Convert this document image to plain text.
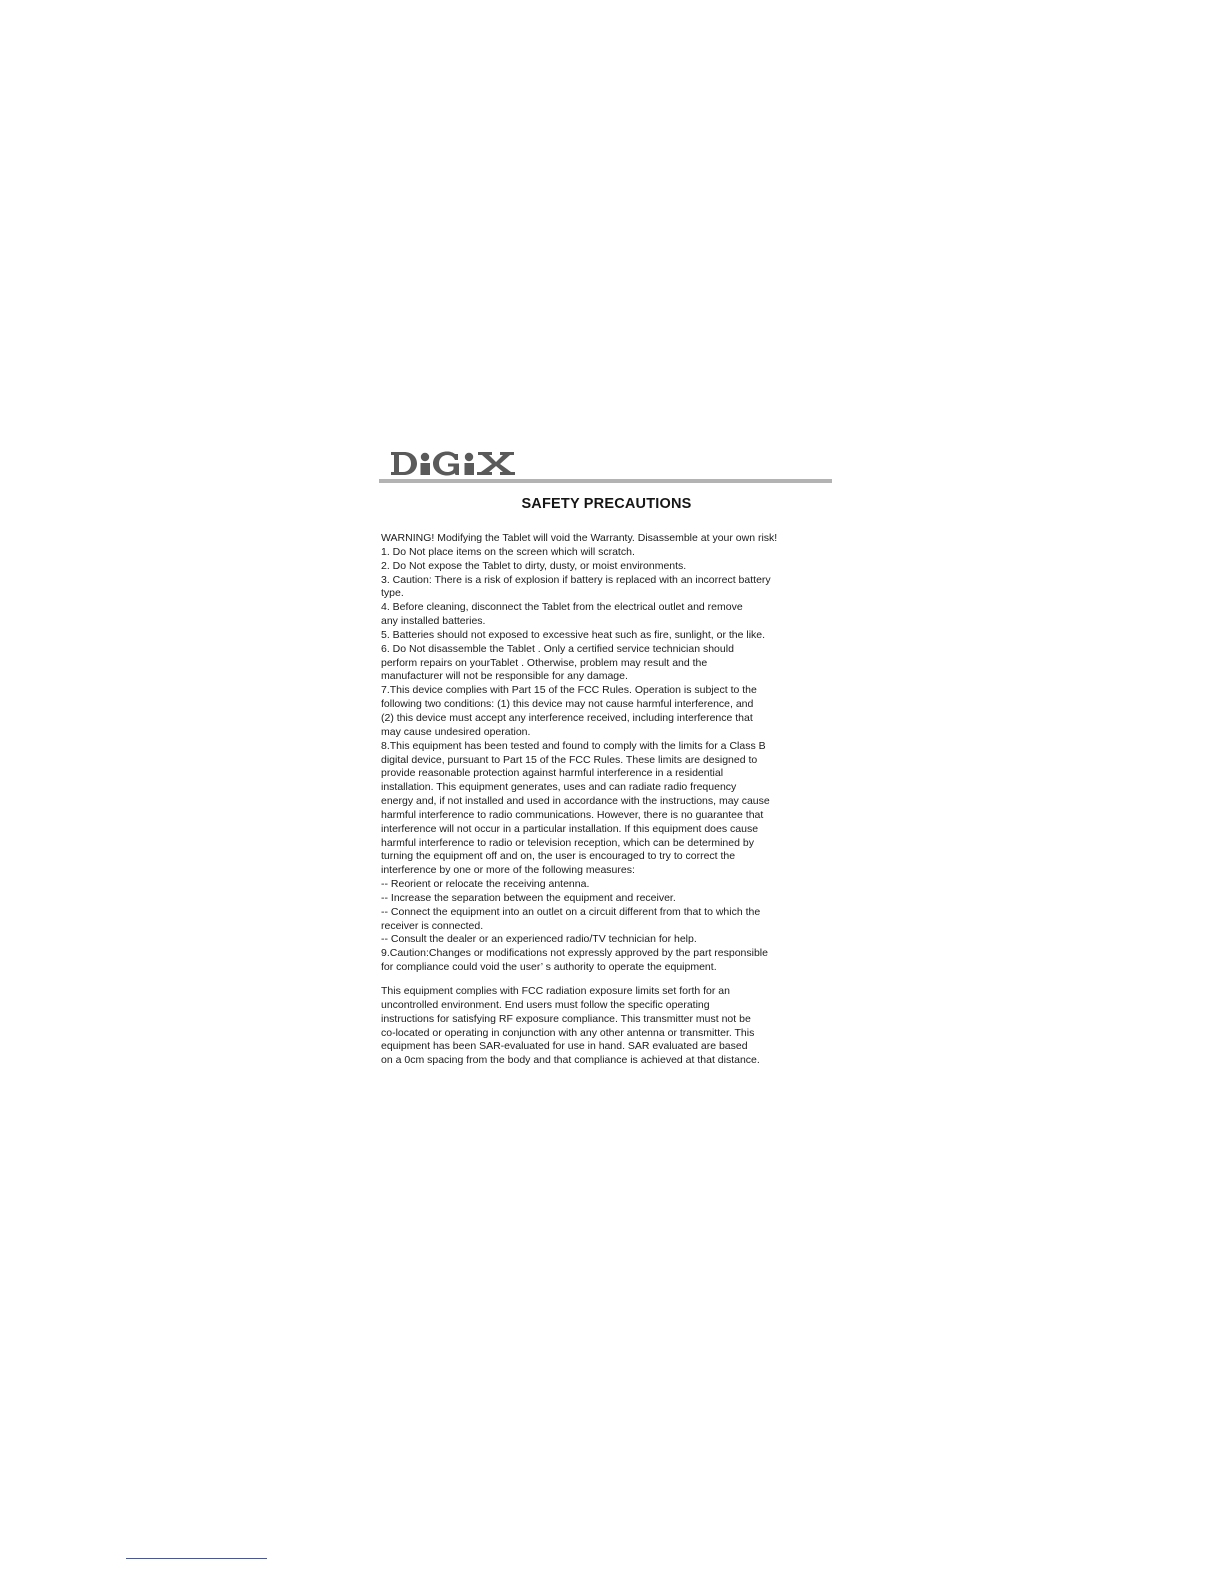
SAFETY PRECAUTIONS
WARNING! Modifying the Tablet will void the Warranty. Disassemble at your own risk!
1. Do Not place items on the screen which will scratch.
2. Do Not expose the Tablet to dirty, dusty, or moist environments.
3. Caution: There is a risk of explosion if battery is replaced with an incorrect battery
type.
4. Before cleaning, disconnect the Tablet from the electrical outlet and remove
any installed batteries.
5. Batteries should not exposed to excessive heat such as fire, sunlight, or the like.
6. Do Not disassemble the Tablet . Only a certified service technician should
perform repairs on yourTablet . Otherwise, problem may result and the
manufacturer will not be responsible for any damage.
7.This device complies with Part 15 of the FCC Rules. Operation is subject to the
following two conditions: (1) this device may not cause harmful interference, and
(2) this device must accept any interference received, including interference that
may cause undesired operation.
8.This equipment has been tested and found to comply with the limits for a Class B
digital device, pursuant to Part 15 of the FCC Rules. These limits are designed to
provide reasonable protection against harmful interference in a residential
installation. This equipment generates, uses and can radiate radio frequency
energy and, if not installed and used in accordance with the instructions, may cause
harmful interference to radio communications. However, there is no guarantee that
interference will not occur in a particular installation. If this equipment does cause
harmful interference to radio or television reception, which can be determined by
turning the equipment off and on, the user is encouraged to try to correct the
interference by one or more of the following measures:
-- Reorient or relocate the receiving antenna.
-- Increase the separation between the equipment and receiver.
-- Connect the equipment into an outlet on a circuit different from that to which the
receiver is connected.
-- Consult the dealer or an experienced radio/TV technician for help.
9.Caution:Changes or modifications not expressly approved by the part responsible
for compliance could void the user’ s authority to operate the equipment.
This equipment complies with FCC radiation exposure limits set forth for an
uncontrolled environment. End users must follow the specific operating
instructions for satisfying RF exposure compliance. This transmitter must not be
co-located or operating in conjunction with any other antenna or transmitter. This
equipment has been SAR-evaluated for use in hand. SAR evaluated are based
on a 0cm spacing from the body and that compliance is achieved at that distance.
